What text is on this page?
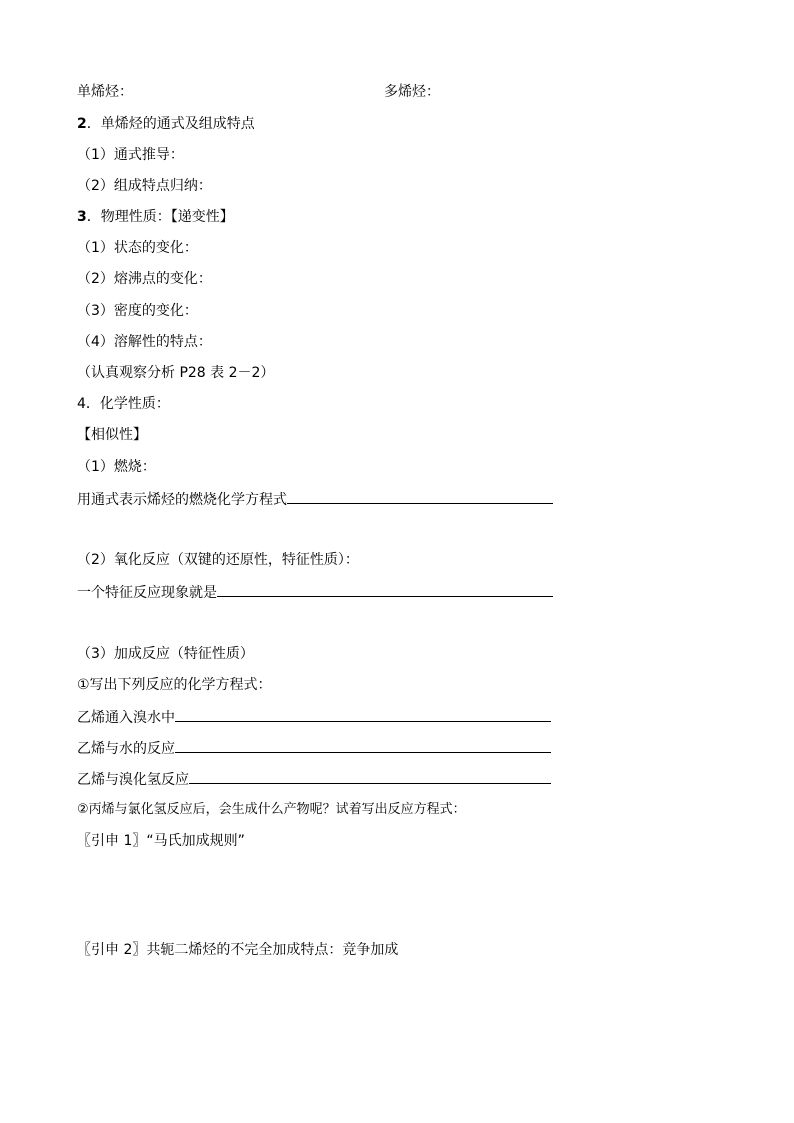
单烯烃：	多烯烃：
2．单烯烃的通式及组成特点
（1）通式推导：
（2）组成特点归纳：
3．物理性质：【递变性】
（1）状态的变化：
（2）熔沸点的变化：
（3）密度的变化：
（4）溶解性的特点：
（认真观察分析 P28 表 2－2）
4．化学性质：
【相似性】
（1）燃烧：
用通式表示烯烃的燃烧化学方程式
（2）氧化反应（双键的还原性，特征性质）：
一个特征反应现象就是
（3）加成反应（特征性质）
①写出下列反应的化学方程式：
乙烯通入溴水中
乙烯与水的反应
乙烯与溴化氢反应
②丙烯与氯化氢反应后，会生成什么产物呢？试着写出反应方程式：
〖引申 1〗“马氏加成规则”
〖引申 2〗共轭二烯烃的不完全加成特点：竞争加成
